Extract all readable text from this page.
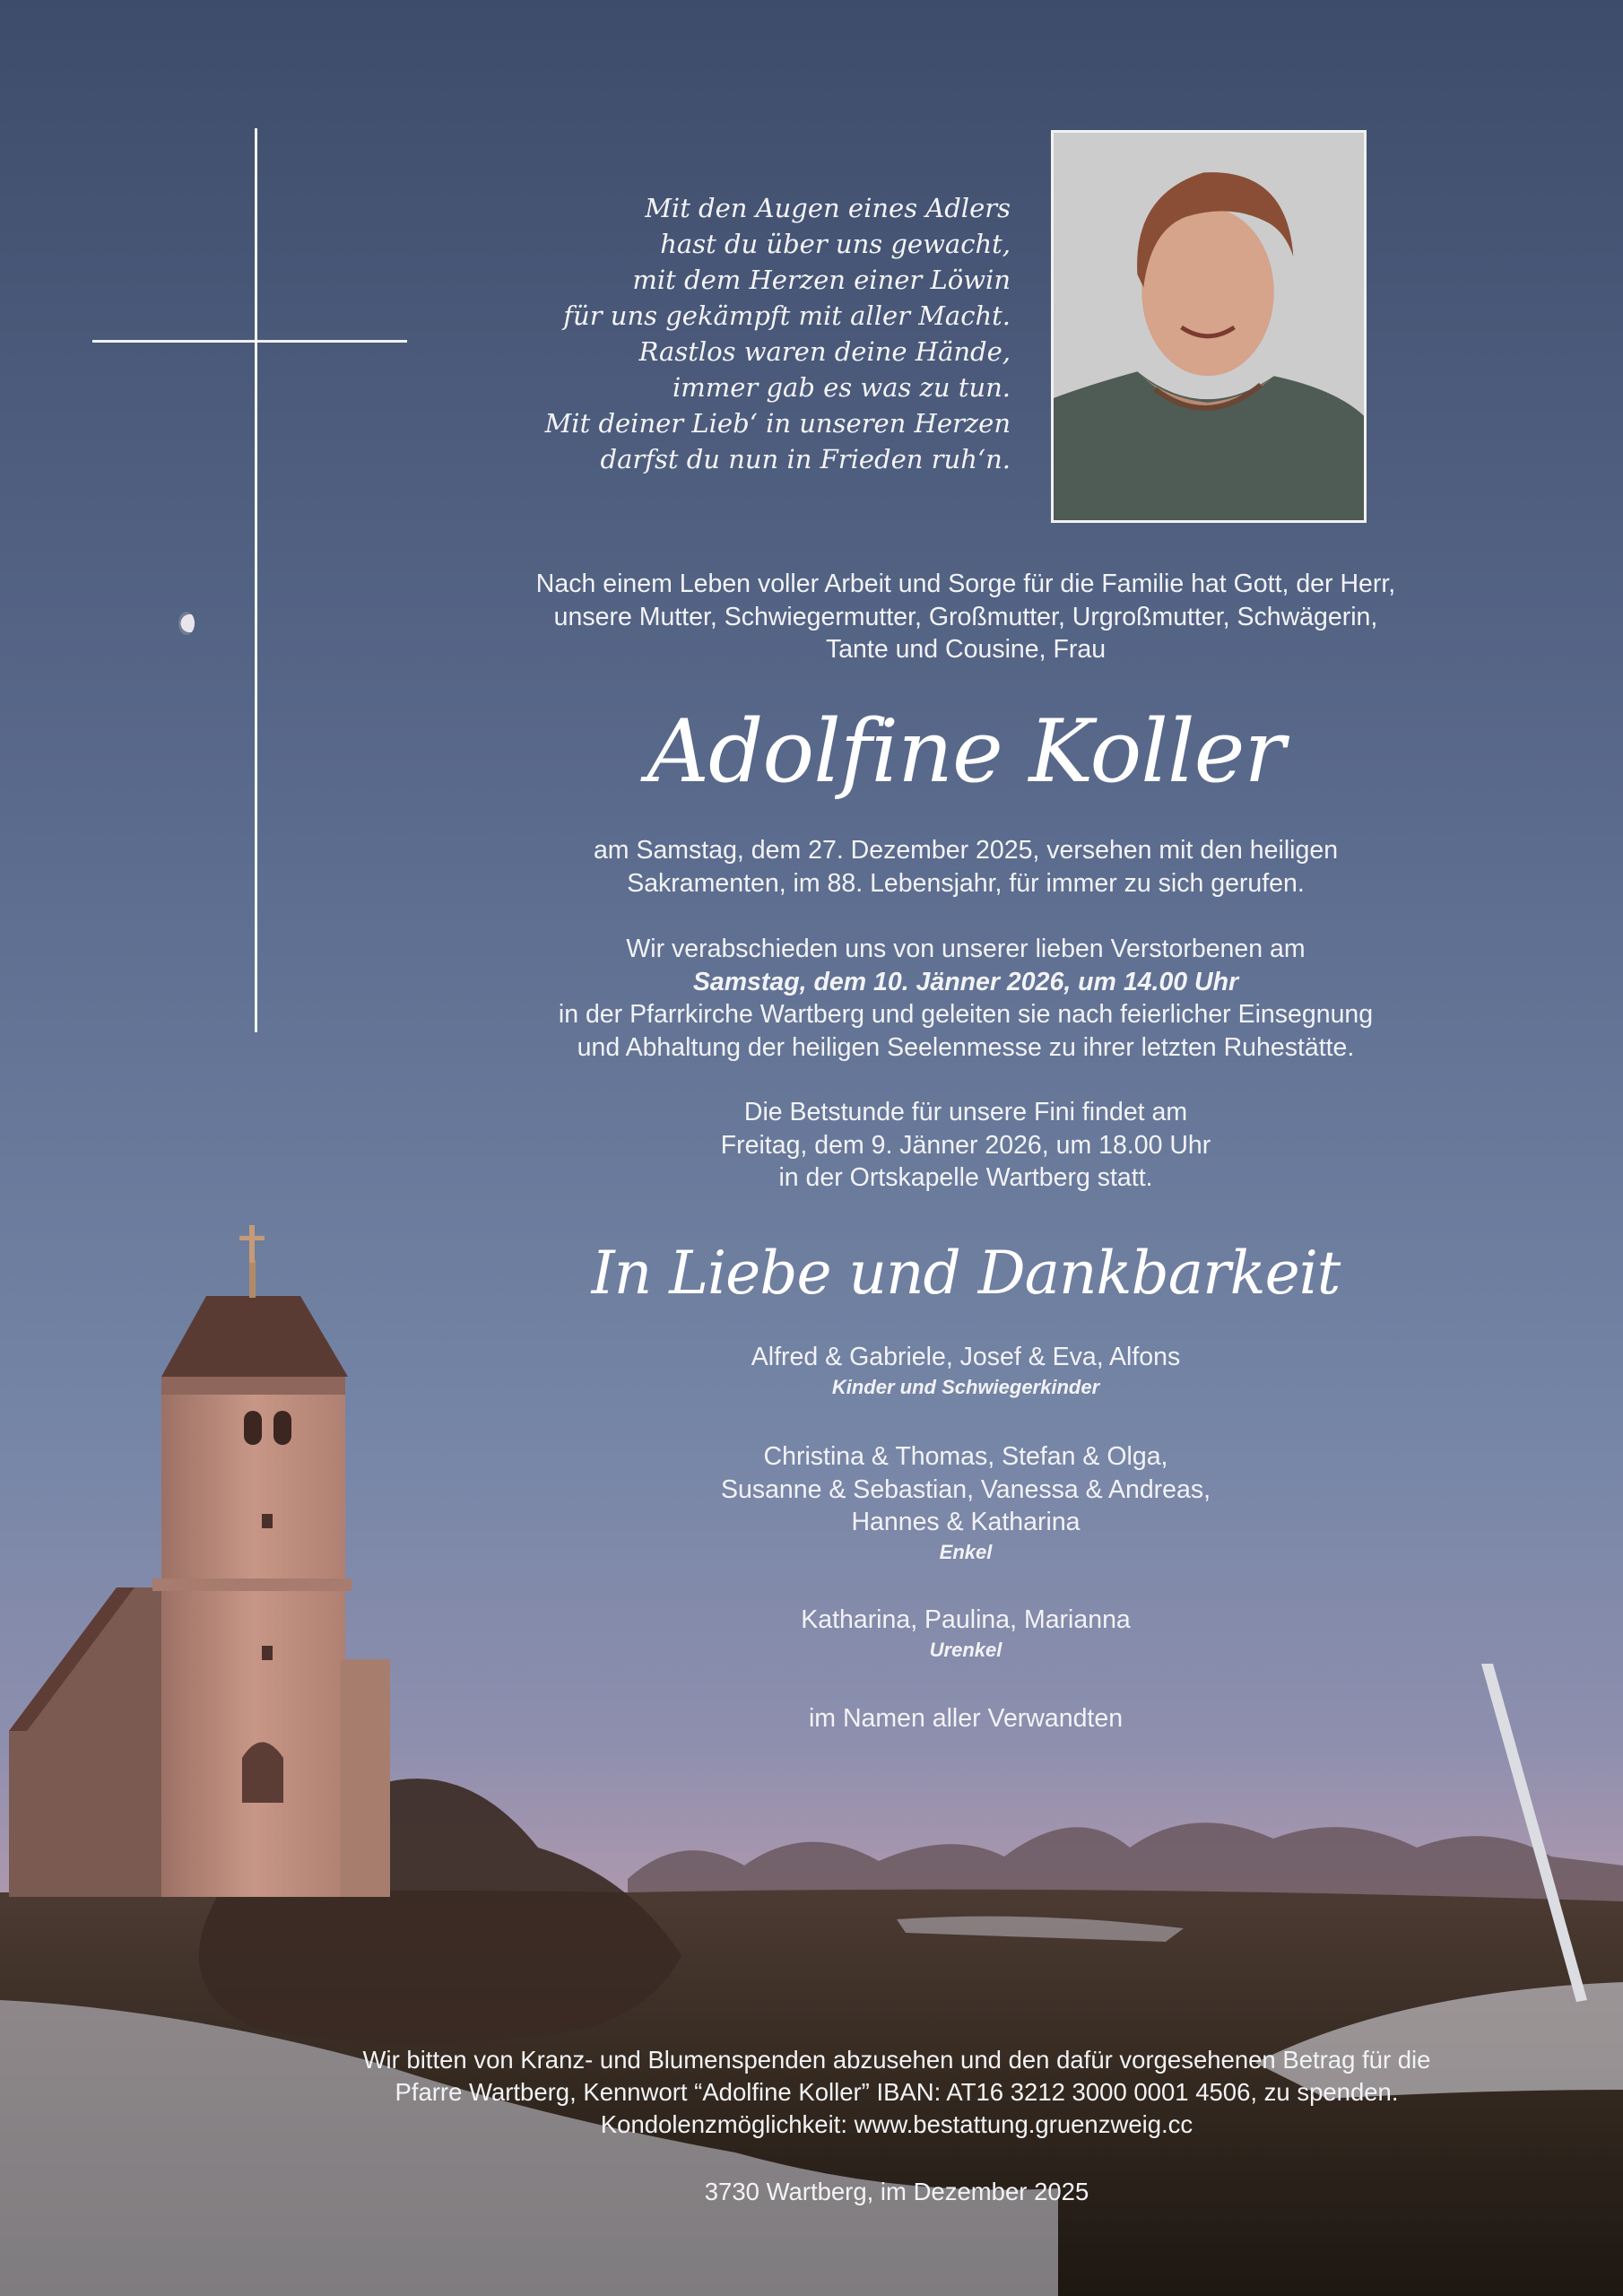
Mit den Augen eines Adlers
hast du über uns gewacht,
mit dem Herzen einer Löwin
für uns gekämpft mit aller Macht.
Rastlos waren deine Hände,
immer gab es was zu tun.
Mit deiner Lieb‘ in unseren Herzen
darfst du nun in Frieden ruh‘n.
Nach einem Leben voller Arbeit und Sorge für die Familie hat Gott, der Herr,
unsere Mutter, Schwiegermutter, Großmutter, Urgroßmutter, Schwägerin,
Tante und Cousine, Frau
Adolfine Koller
am Samstag, dem 27. Dezember 2025, versehen mit den heiligen
Sakramenten, im 88. Lebensjahr, für immer zu sich gerufen.
Wir verabschieden uns von unserer lieben Verstorbenen am
Samstag, dem 10. Jänner 2026, um 14.00 Uhr
in der Pfarrkirche Wartberg und geleiten sie nach feierlicher Einsegnung
und Abhaltung der heiligen Seelenmesse zu ihrer letzten Ruhestätte.
Die Betstunde für unsere Fini findet am
Freitag, dem 9. Jänner 2026, um 18.00 Uhr
in der Ortskapelle Wartberg statt.
In Liebe und Dankbarkeit
Alfred & Gabriele, Josef & Eva, Alfons
Kinder und Schwiegerkinder
Christina & Thomas, Stefan & Olga,
Susanne & Sebastian, Vanessa & Andreas,
Hannes & Katharina
Enkel
Katharina, Paulina, Marianna
Urenkel
im Namen aller Verwandten
Wir bitten von Kranz- und Blumenspenden abzusehen und den dafür vorgesehenen Betrag für die
Pfarre Wartberg, Kennwort “Adolfine Koller” IBAN: AT16 3212 3000 0001 4506, zu spenden.
Kondolenzmöglichkeit: www.bestattung.gruenzweig.cc
3730 Wartberg, im Dezember 2025
